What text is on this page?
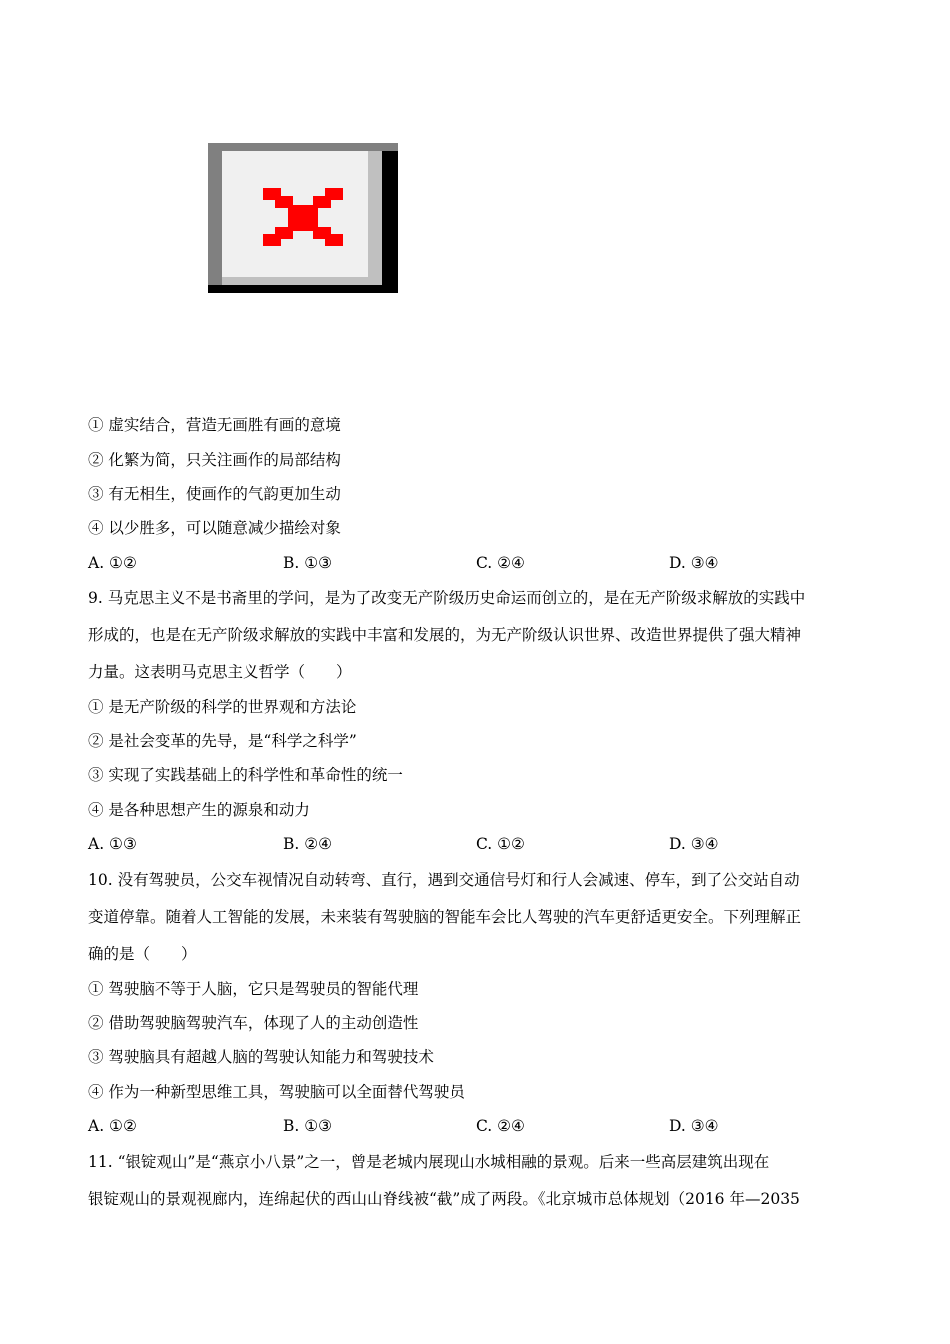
① 虚实结合，营造无画胜有画的意境
② 化繁为简，只关注画作的局部结构
③ 有无相生，使画作的气韵更加生动
④ 以少胜多，可以随意减少描绘对象
A. ①②	B. ①③	C. ②④	D. ③④
9. 马克思主义不是书斋里的学问，是为了改变无产阶级历史命运而创立的，是在无产阶级求解放的实践中
形成的，也是在无产阶级求解放的实践中丰富和发展的，为无产阶级认识世界、改造世界提供了强大精神
力量。这表明马克思主义哲学（　　）
① 是无产阶级的科学的世界观和方法论
② 是社会变革的先导，是“科学之科学”
③ 实现了实践基础上的科学性和革命性的统一
④ 是各种思想产生的源泉和动力
A. ①③	B. ②④	C. ①②	D. ③④
10. 没有驾驶员，公交车视情况自动转弯、直行，遇到交通信号灯和行人会减速、停车，到了公交站自动
变道停靠。随着人工智能的发展，未来装有驾驶脑的智能车会比人驾驶的汽车更舒适更安全。下列理解正
确的是（　　）
① 驾驶脑不等于人脑，它只是驾驶员的智能代理
② 借助驾驶脑驾驶汽车，体现了人的主动创造性
③ 驾驶脑具有超越人脑的驾驶认知能力和驾驶技术
④ 作为一种新型思维工具，驾驶脑可以全面替代驾驶员
A. ①②	B. ①③	C. ②④	D. ③④
11. “银锭观山”是“燕京小八景”之一，曾是老城内展现山水城相融的景观。后来一些高层建筑出现在
银锭观山的景观视廊内，连绵起伏的西山山脊线被“截”成了两段。《北京城市总体规划（2016 年—2035
